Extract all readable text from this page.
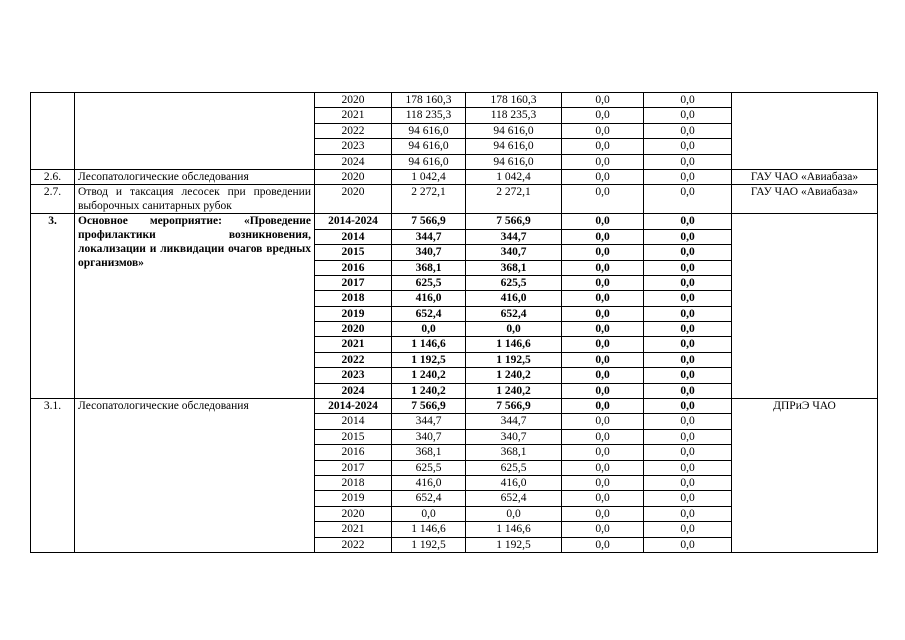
		2020	178 160,3	178 160,3	0,0	0,0	
		2021	118 235,3	118 235,3	0,0	0,0	
		2022	94 616,0	94 616,0	0,0	0,0	
		2023	94 616,0	94 616,0	0,0	0,0	
		2024	94 616,0	94 616,0	0,0	0,0	
2.6.	Лесопатологические обследования	2020	1 042,4	1 042,4	0,0	0,0	ГАУ ЧАО «Авиабаза»
2.7.	Отвод и таксация лесосек при проведении выборочных санитарных рубок	2020	2 272,1	2 272,1	0,0	0,0	ГАУ ЧАО «Авиабаза»
3.	Основное мероприятие: «Проведение профилактики возникновения, локализации и ликвидации очагов вредных организмов»	2014-2024	7 566,9	7 566,9	0,0	0,0	
		2014	344,7	344,7	0,0	0,0	
		2015	340,7	340,7	0,0	0,0	
		2016	368,1	368,1	0,0	0,0	
		2017	625,5	625,5	0,0	0,0	
		2018	416,0	416,0	0,0	0,0	
		2019	652,4	652,4	0,0	0,0	
		2020	0,0	0,0	0,0	0,0	
		2021	1 146,6	1 146,6	0,0	0,0	
		2022	1 192,5	1 192,5	0,0	0,0	
		2023	1 240,2	1 240,2	0,0	0,0	
		2024	1 240,2	1 240,2	0,0	0,0	
3.1.	Лесопатологические обследования	2014-2024	7 566,9	7 566,9	0,0	0,0	ДПРиЭ ЧАО
		2014	344,7	344,7	0,0	0,0	
		2015	340,7	340,7	0,0	0,0	
		2016	368,1	368,1	0,0	0,0	
		2017	625,5	625,5	0,0	0,0	
		2018	416,0	416,0	0,0	0,0	
		2019	652,4	652,4	0,0	0,0	
		2020	0,0	0,0	0,0	0,0	
		2021	1 146,6	1 146,6	0,0	0,0	
		2022	1 192,5	1 192,5	0,0	0,0	
